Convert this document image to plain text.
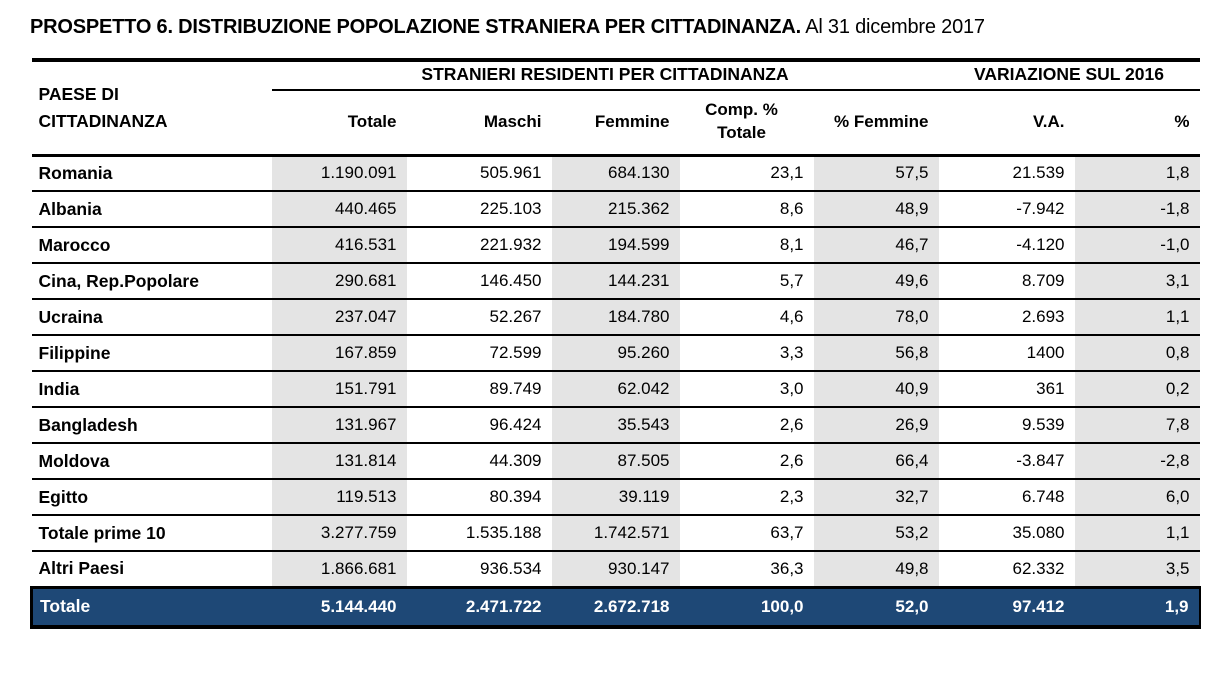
PROSPETTO 6. DISTRIBUZIONE POPOLAZIONE STRANIERA PER CITTADINANZA. Al 31 dicembre 2017
PAESE DI CITTADINANZA	STRANIERI RESIDENTI PER CITTADINANZA					VARIAZIONE SUL 2016	
	Totale	Maschi	Femmine	Comp. % Totale	% Femmine	V.A.	%
Romania	1.190.091	505.961	684.130	23,1	57,5	21.539	1,8
Albania	440.465	225.103	215.362	8,6	48,9	-7.942	-1,8
Marocco	416.531	221.932	194.599	8,1	46,7	-4.120	-1,0
Cina, Rep.Popolare	290.681	146.450	144.231	5,7	49,6	8.709	3,1
Ucraina	237.047	52.267	184.780	4,6	78,0	2.693	1,1
Filippine	167.859	72.599	95.260	3,3	56,8	1400	0,8
India	151.791	89.749	62.042	3,0	40,9	361	0,2
Bangladesh	131.967	96.424	35.543	2,6	26,9	9.539	7,8
Moldova	131.814	44.309	87.505	2,6	66,4	-3.847	-2,8
Egitto	119.513	80.394	39.119	2,3	32,7	6.748	6,0
Totale prime 10	3.277.759	1.535.188	1.742.571	63,7	53,2	35.080	1,1
Altri Paesi	1.866.681	936.534	930.147	36,3	49,8	62.332	3,5
Totale	5.144.440	2.471.722	2.672.718	100,0	52,0	97.412	1,9
